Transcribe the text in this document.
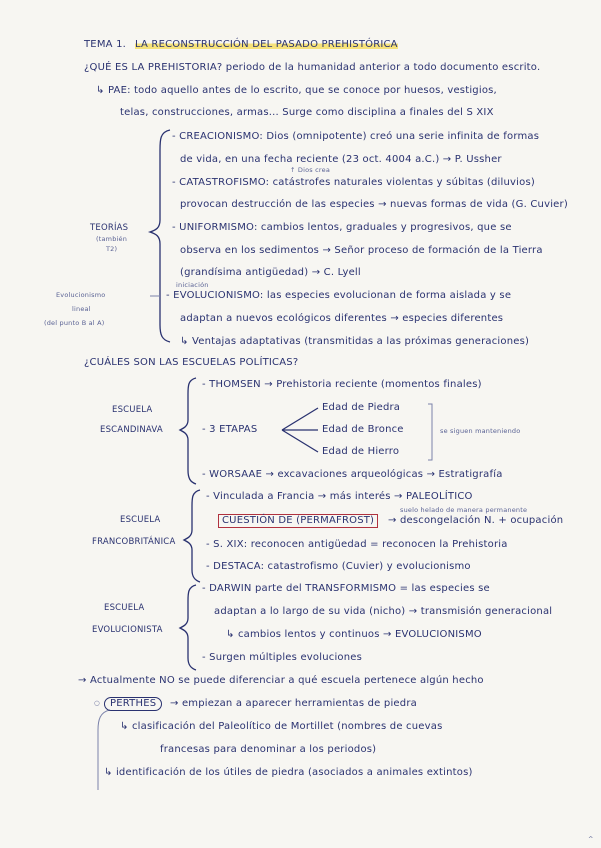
TEMA 1. LA RECONSTRUCCIÓN DEL PASADO PREHISTÓRICA
¿QUÉ ES LA PREHISTORIA? periodo de la humanidad anterior a todo documento escrito.
↳ PAE: todo aquello antes de lo escrito, que se conoce por huesos, vestigios,
telas, construcciones, armas... Surge como disciplina a finales del S XIX
TEORÍAS
(también
T2)
Evolucionismo
lineal
(del punto B al A)
- CREACIONISMO: Dios (omnipotente) creó una serie infinita de formas
de vida, en una fecha reciente (23 oct. 4004 a.C.) → P. Ussher
↑ Dios crea
- CATASTROFISMO: catástrofes naturales violentas y súbitas (diluvios)
provocan destrucción de las especies → nuevas formas de vida (G. Cuvier)
- UNIFORMISMO: cambios lentos, graduales y progresivos, que se
observa en los sedimentos → Señor proceso de formación de la Tierra
(grandísima antigüedad) → C. Lyell
iniciación
- EVOLUCIONISMO: las especies evolucionan de forma aislada y se
adaptan a nuevos ecológicos diferentes → especies diferentes
↳ Ventajas adaptativas (transmitidas a las próximas generaciones)
¿CUÁLES SON LAS ESCUELAS POLÍTICAS?
ESCUELA
ESCANDINAVA
- THOMSEN → Prehistoria reciente (momentos finales)
- 3 ETAPAS
Edad de Piedra
Edad de Bronce
Edad de Hierro
se siguen manteniendo
- WORSAAE → excavaciones arqueológicas → Estratigrafía
ESCUELA
FRANCOBRITÁNICA
- Vinculada a Francia → más interés → PALEOLÍTICO
suelo helado de manera permanente
CUESTIÓN DE (PERMAFROST)	→ descongelación N. + ocupación
- S. XIX: reconocen antigüedad = reconocen la Prehistoria
- DESTACA: catastrofismo (Cuvier) y evolucionismo
ESCUELA
EVOLUCIONISTA
- DARWIN parte del TRANSFORMISMO = las especies se
adaptan a lo largo de su vida (nicho) → transmisión generacional
↳ cambios lentos y continuos → EVOLUCIONISMO
- Surgen múltiples evoluciones
→ Actualmente NO se puede diferenciar a qué escuela pertenece algún hecho
○	PERTHES	→ empiezan a aparecer herramientas de piedra
↳ clasificación del Paleolítico de Mortillet (nombres de cuevas
francesas para denominar a los periodos)
↳ identificación de los útiles de piedra (asociados a animales extintos)
^
